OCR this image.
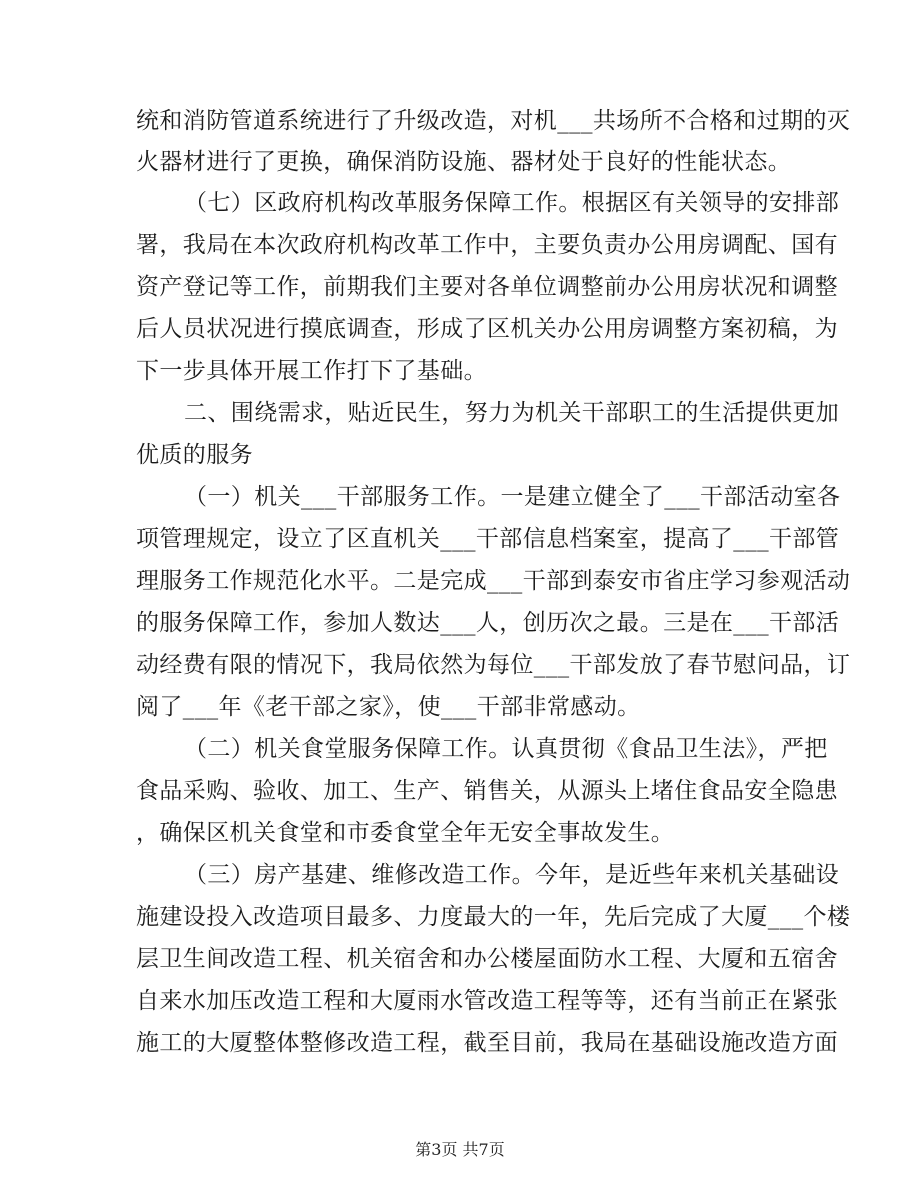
统和消防管道系统进行了升级改造，对机___共场所不合格和过期的灭
火器材进行了更换，确保消防设施、器材处于良好的性能状态。
（七）区政府机构改革服务保障工作。根据区有关领导的安排部
署，我局在本次政府机构改革工作中，主要负责办公用房调配、国有
资产登记等工作，前期我们主要对各单位调整前办公用房状况和调整
后人员状况进行摸底调查，形成了区机关办公用房调整方案初稿，为
下一步具体开展工作打下了基础。
二、围绕需求，贴近民生，努力为机关干部职工的生活提供更加
优质的服务
（一）机关___干部服务工作。一是建立健全了___干部活动室各
项管理规定，设立了区直机关___干部信息档案室，提高了___干部管
理服务工作规范化水平。二是完成___干部到泰安市省庄学习参观活动
的服务保障工作，参加人数达___人，创历次之最。三是在___干部活
动经费有限的情况下，我局依然为每位___干部发放了春节慰问品，订
阅了___年《老干部之家》，使___干部非常感动。
（二）机关食堂服务保障工作。认真贯彻《食品卫生法》，严把
食品采购、验收、加工、生产、销售关，从源头上堵住食品安全隐患
，确保区机关食堂和市委食堂全年无安全事故发生。
（三）房产基建、维修改造工作。今年，是近些年来机关基础设
施建设投入改造项目最多、力度最大的一年，先后完成了大厦___个楼
层卫生间改造工程、机关宿舍和办公楼屋面防水工程、大厦和五宿舍
自来水加压改造工程和大厦雨水管改造工程等等，还有当前正在紧张
施工的大厦整体整修改造工程，截至目前，我局在基础设施改造方面
第3页 共7页
